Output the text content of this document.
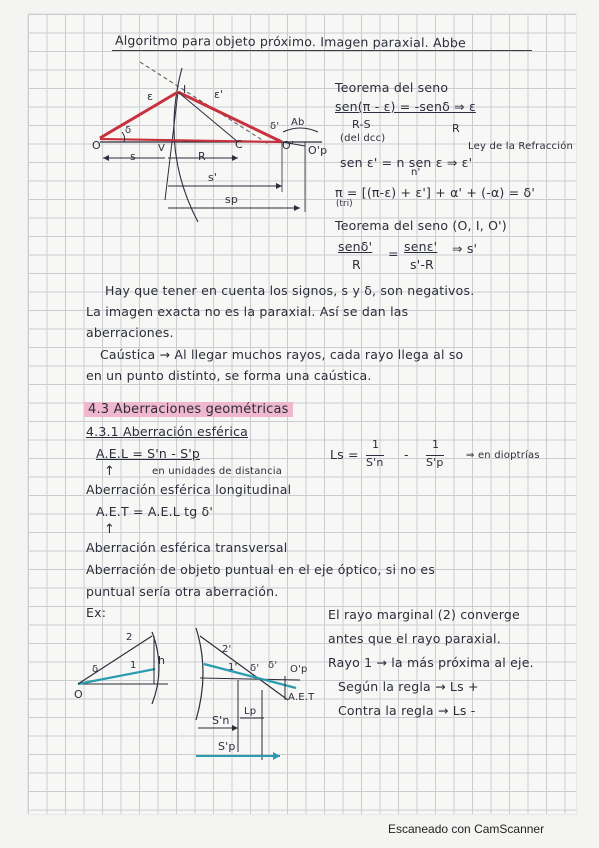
Algoritmo para objeto próximo. Imagen paraxial. Abbe
I
O	C	O' O'p
V
ε	ε'
δ	δ' Ab
s	R
s'
sp
Teorema del seno
sen(π - ε) = -senδ ⇒ ε
R-S
(del dcc)
R
Ley de la Refracción
sen ε' = n sen ε ⇒ ε'
n'
π = [(π-ε) + ε'] + α' + (-α) = δ'
(tri)
Teorema del seno (O, I, O')
senδ'
R
= senε'
s'-R
⇒ s'
Hay que tener en cuenta los signos, s y δ, son negativos.
La imagen exacta no es la paraxial. Así se dan las
aberraciones.
Caústica → Al llegar muchos rayos, cada rayo llega al so
en un punto distinto, se forma una caústica.
4.3 Aberraciones geométricas
4.3.1 Aberración esférica
A.E.L = S'n - S'p	Ls =
1
S'n
-
1
S'p
⇒ en dioptrías
en unidades de distancia
↑
Aberración esférica longitudinal
A.E.T = A.E.L tg δ'
↑
Aberración esférica transversal
Aberración de objeto puntual en el eje óptico, si no es
puntual sería otra aberración.
Ex:
2
1 h
O
δ
2'
1' δ' δ' O'p
A.E.T
Lp
S'n
S'p
El rayo marginal (2) converge
antes que el rayo paraxial.
Rayo 1 → la más próxima al eje.
Según la regla → Ls +
Contra la regla → Ls -
Escaneado con CamScanner
